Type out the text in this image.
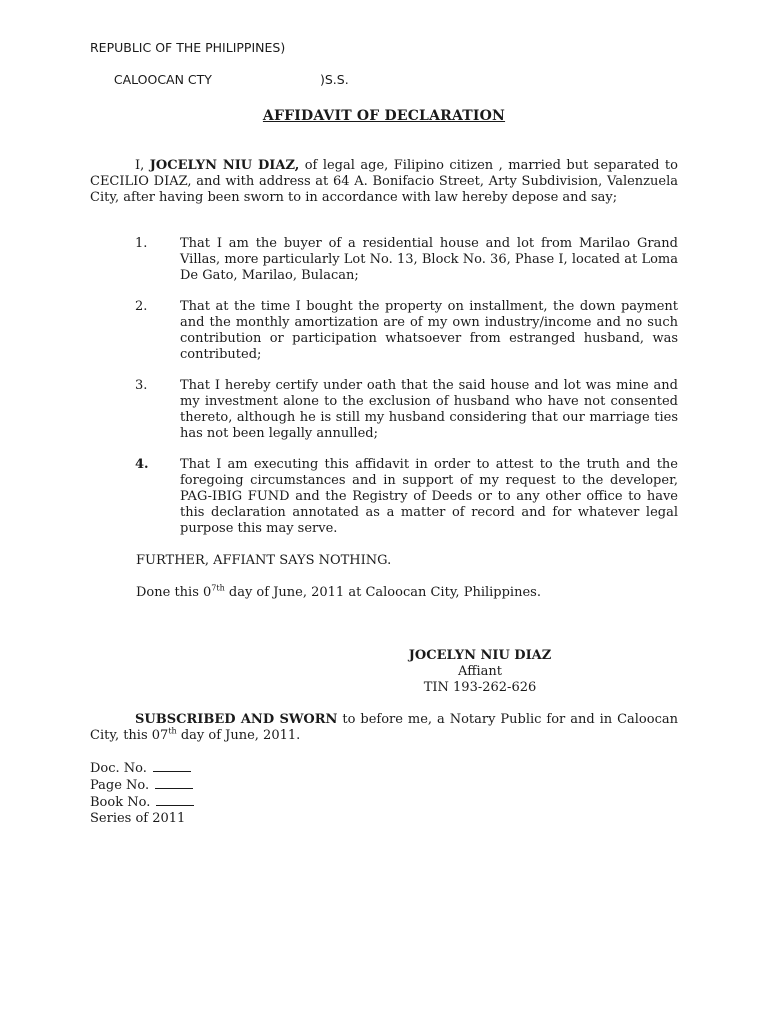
REPUBLIC OF THE PHILIPPINES)

CALOOCAN CTY	)S.S.

AFFIDAVIT OF DECLARATION
I, JOCELYN NIU DIAZ, of legal age, Filipino citizen , married but separated to CECILIO DIAZ, and with address at 64 A. Bonifacio Street, Arty Subdivision, Valenzuela City, after having been sworn to in accordance with law hereby depose and say;
1.	That I am the buyer of a residential house and lot from Marilao Grand Villas, more particularly Lot No. 13, Block No. 36, Phase I, located at Loma De Gato, Marilao, Bulacan;
2.	That at the time I bought the property on installment, the down payment and the monthly amortization are of my own industry/income and no such contribution or participation whatsoever from estranged husband, was contributed;
3.	That I hereby certify under oath that the said house and lot was mine and my investment alone to the exclusion of husband who have not consented thereto, although he is still my husband considering that our marriage ties has not been legally annulled;
4. That I am executing this affidavit in order to attest to the truth and the foregoing circumstances and in support of my request to the developer, PAG-IBIG FUND and the Registry of Deeds or to any other office to have this declaration annotated as a matter of record and for whatever legal purpose this may serve.
FURTHER, AFFIANT SAYS NOTHING.
Done this $0^{7th}$ day of June, 2011 at Caloocan City, Philippines.
JOCELYN NIU DIAZ
Affiant
TIN 193-262-626
SUBSCRIBED AND SWORN to before me, a Notary Public for and in Caloocan City, this 07th day of June, 2011.
Doc. No.
Page No.
Book No.
Series of 2011
